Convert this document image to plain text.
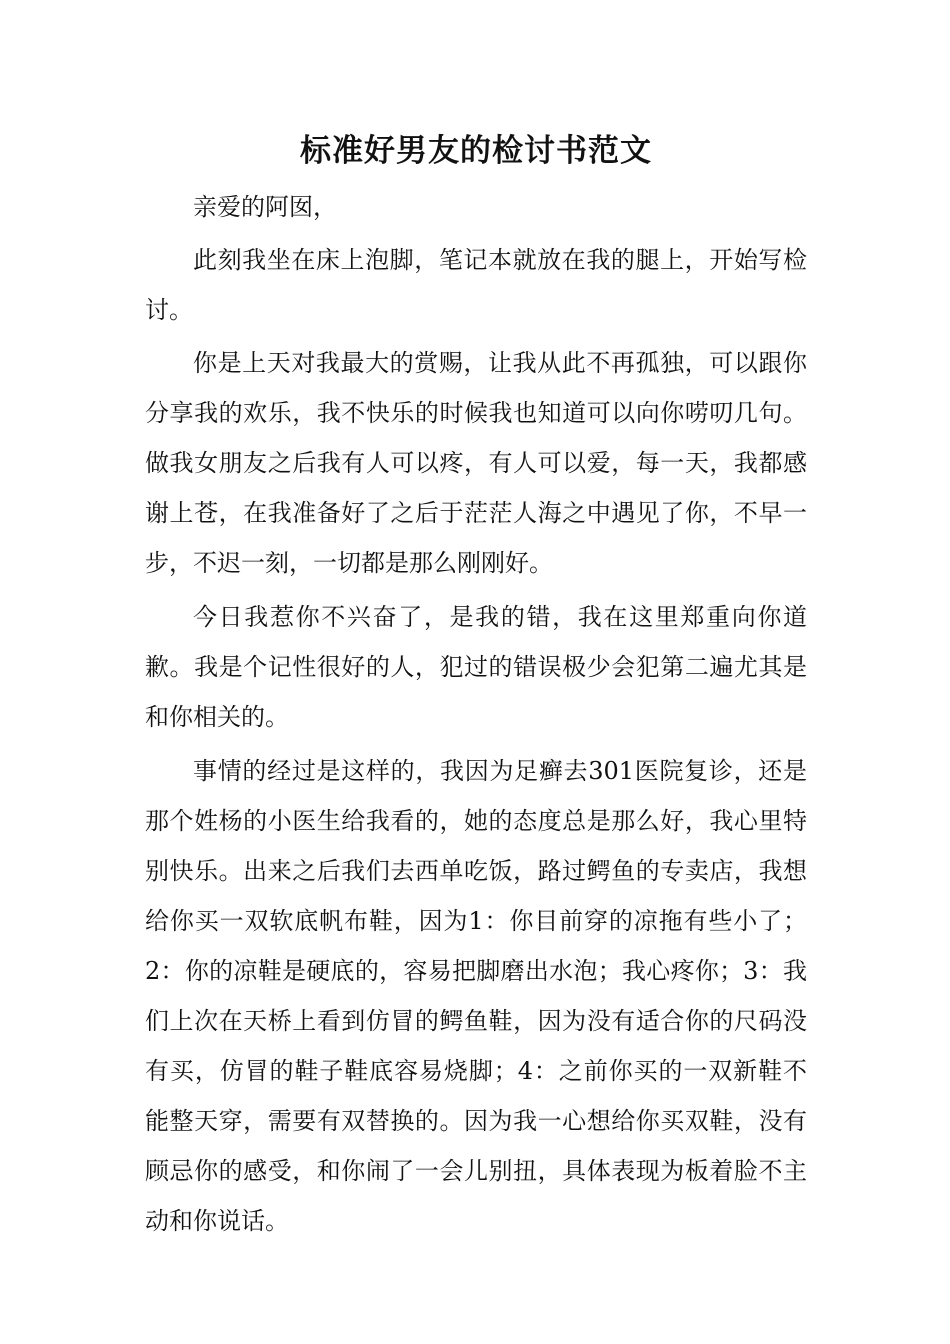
标准好男友的检讨书范文

亲爱的阿囡，

此刻我坐在床上泡脚，笔记本就放在我的腿上，开始写检讨。

你是上天对我最大的赏赐，让我从此不再孤独，可以跟你分享我的欢乐，我不快乐的时候我也知道可以向你唠叨几句。做我女朋友之后我有人可以疼，有人可以爱，每一天，我都感谢上苍，在我准备好了之后于茫茫人海之中遇见了你，不早一步，不迟一刻，一切都是那么刚刚好。

今日我惹你不兴奋了，是我的错，我在这里郑重向你道歉。我是个记性很好的人，犯过的错误极少会犯第二遍尤其是和你相关的。

事情的经过是这样的，我因为足癣去301医院复诊，还是那个姓杨的小医生给我看的，她的态度总是那么好，我心里特别快乐。出来之后我们去西单吃饭，路过鳄鱼的专卖店，我想给你买一双软底帆布鞋，因为1：你目前穿的凉拖有些小了；2：你的凉鞋是硬底的，容易把脚磨出水泡；我心疼你；3：我们上次在天桥上看到仿冒的鳄鱼鞋，因为没有适合你的尺码没有买，仿冒的鞋子鞋底容易烧脚；4：之前你买的一双新鞋不能整天穿，需要有双替换的。因为我一心想给你买双鞋，没有顾忌你的感受，和你闹了一会儿别扭，具体表现为板着脸不主动和你说话。
